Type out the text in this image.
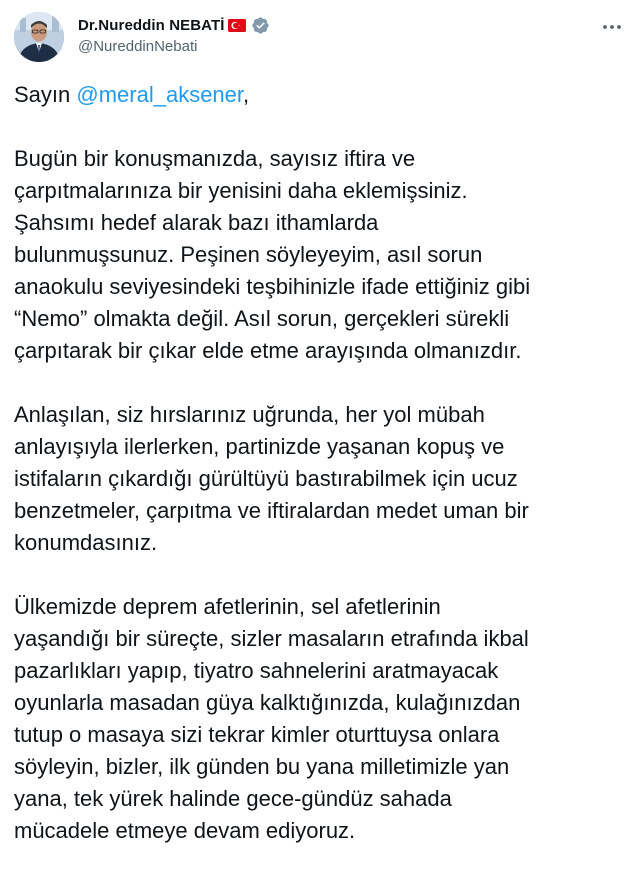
Dr.Nureddin NEBATİ
@NureddinNebati

Sayın @meral_aksener,

Bugün bir konuşmanızda, sayısız iftira ve
çarpıtmalarınıza bir yenisini daha eklemişsiniz.
Şahsımı hedef alarak bazı ithamlarda
bulunmuşsunuz. Peşinen söyleyeyim, asıl sorun
anaokulu seviyesindeki teşbihinizle ifade ettiğiniz gibi
“Nemo” olmakta değil. Asıl sorun, gerçekleri sürekli
çarpıtarak bir çıkar elde etme arayışında olmanızdır.

Anlaşılan, siz hırslarınız uğrunda, her yol mübah
anlayışıyla ilerlerken, partinizde yaşanan kopuş ve
istifaların çıkardığı gürültüyü bastırabilmek için ucuz
benzetmeler, çarpıtma ve iftiralardan medet uman bir
konumdasınız.

Ülkemizde deprem afetlerinin, sel afetlerinin
yaşandığı bir süreçte, sizler masaların etrafında ikbal
pazarlıkları yapıp, tiyatro sahnelerini aratmayacak
oyunlarla masadan güya kalktığınızda, kulağınızdan
tutup o masaya sizi tekrar kimler oturttuysa onlara
söyleyin, bizler, ilk günden bu yana milletimizle yan
yana, tek yürek halinde gece-gündüz sahada
mücadele etmeye devam ediyoruz.
